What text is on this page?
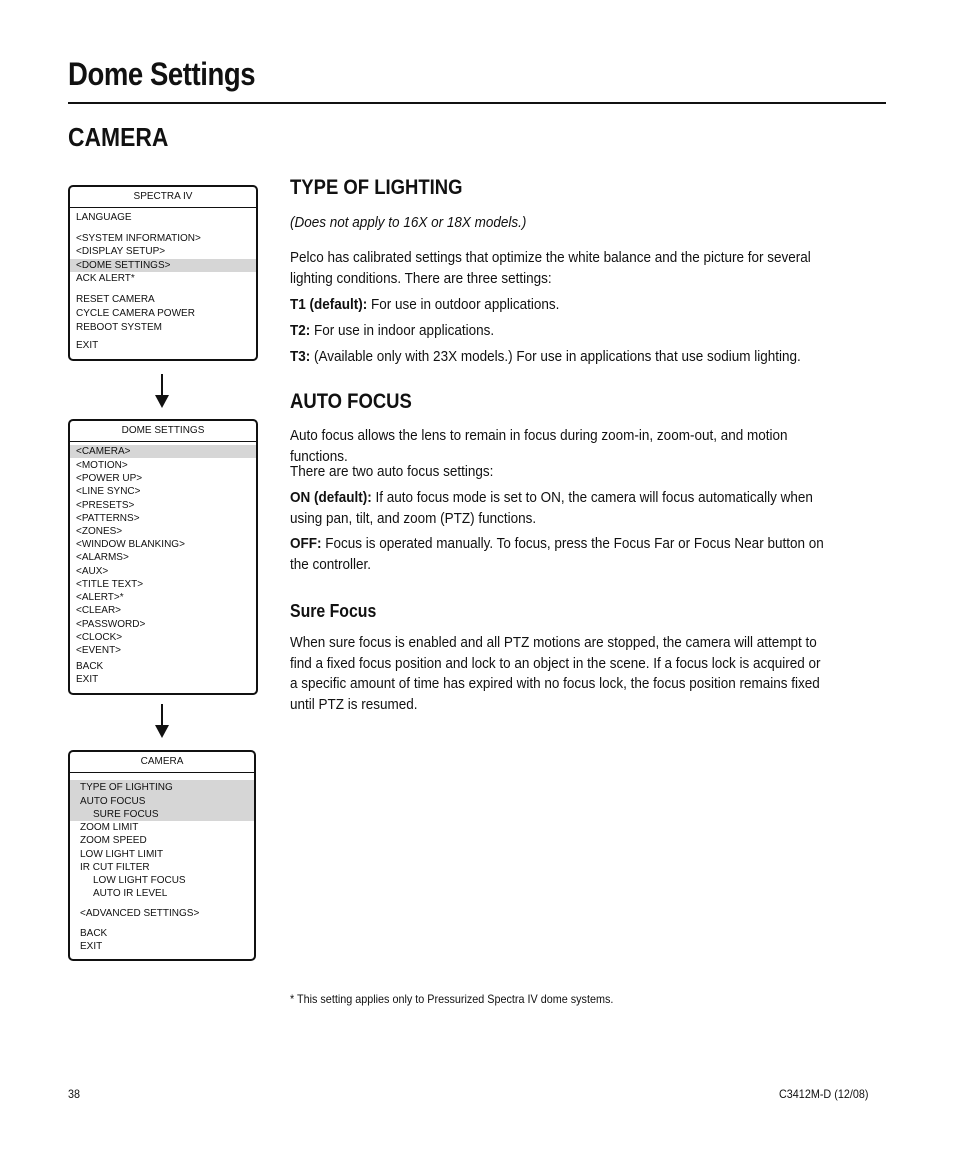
Dome Settings
CAMERA
SPECTRA IV
LANGUAGE
<SYSTEM INFORMATION>
<DISPLAY SETUP>
<DOME SETTINGS>
ACK ALERT*
RESET CAMERA
CYCLE CAMERA POWER
REBOOT SYSTEM
EXIT
DOME SETTINGS
<CAMERA>
<MOTION>
<POWER UP>
<LINE SYNC>
<PRESETS>
<PATTERNS>
<ZONES>
<WINDOW BLANKING>
<ALARMS>
<AUX>
<TITLE TEXT>
<ALERT>*
<CLEAR>
<PASSWORD>
<CLOCK>
<EVENT>
BACK
EXIT
CAMERA
TYPE OF LIGHTING
AUTO FOCUS
SURE FOCUS
ZOOM LIMIT
ZOOM SPEED
LOW LIGHT LIMIT
IR CUT FILTER
LOW LIGHT FOCUS
AUTO IR LEVEL
<ADVANCED SETTINGS>
BACK
EXIT
TYPE OF LIGHTING
(Does not apply to 16X or 18X models.)
Pelco has calibrated settings that optimize the white balance and the picture for several lighting conditions. There are three settings:
T1 (default): For use in outdoor applications.
T2: For use in indoor applications.
T3: (Available only with 23X models.) For use in applications that use sodium lighting.
AUTO FOCUS
Auto focus allows the lens to remain in focus during zoom-in, zoom-out, and motion functions.
There are two auto focus settings:
ON (default): If auto focus mode is set to ON, the camera will focus automatically when using pan, tilt, and zoom (PTZ) functions.
OFF: Focus is operated manually. To focus, press the Focus Far or Focus Near button on the controller.
Sure Focus
When sure focus is enabled and all PTZ motions are stopped, the camera will attempt to find a fixed focus position and lock to an object in the scene. If a focus lock is acquired or a specific amount of time has expired with no focus lock, the focus position remains fixed until PTZ is resumed.
* This setting applies only to Pressurized Spectra IV dome systems.
38	C3412M-D (12/08)
